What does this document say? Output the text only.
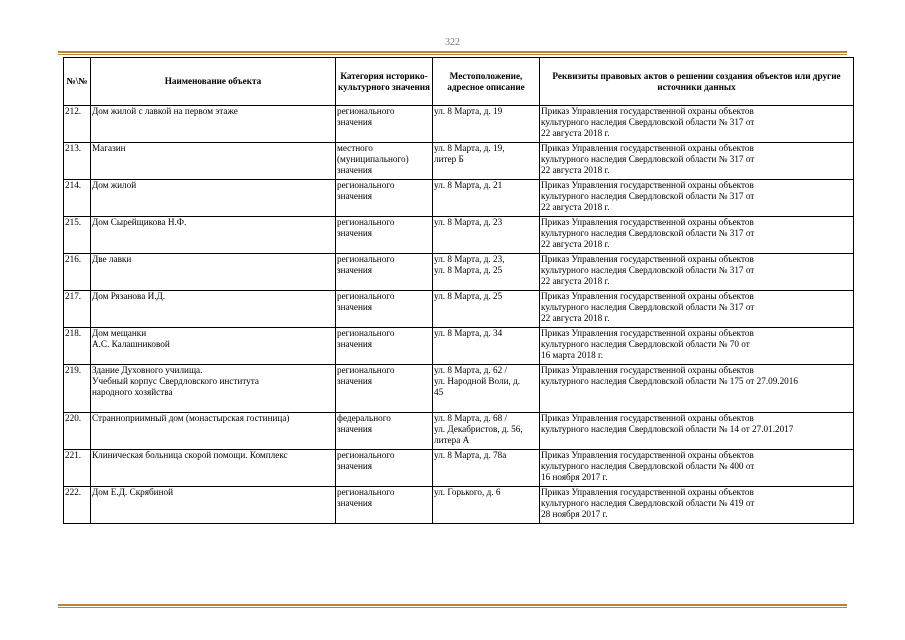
322
№\№	Наименование объекта	Категория историко-культурного значения	Местоположение, адресное описание	Реквизиты правовых актов о решении создания объектов или другие источники данных
212.	Дом жилой с лавкой на первом этаже	регионального
значения	ул. 8 Марта, д. 19	Приказ Управления государственной охраны объектов
культурного наследия Свердловской области № 317 от
22 августа 2018 г.
213.	Магазин	местного
(муниципального)
значения	ул. 8 Марта, д. 19,
литер Б	Приказ Управления государственной охраны объектов
культурного наследия Свердловской области № 317 от
22 августа 2018 г.
214.	Дом жилой	регионального
значения	ул. 8 Марта, д. 21	Приказ Управления государственной охраны объектов
культурного наследия Свердловской области № 317 от
22 августа 2018 г.
215.	Дом Сырейщикова Н.Ф.	регионального
значения	ул. 8 Марта, д. 23	Приказ Управления государственной охраны объектов
культурного наследия Свердловской области № 317 от
22 августа 2018 г.
216.	Две лавки	регионального
значения	ул. 8 Марта, д. 23,
ул. 8 Марта, д. 25	Приказ Управления государственной охраны объектов
культурного наследия Свердловской области № 317 от
22 августа 2018 г.
217.	Дом Рязанова И.Д.	регионального
значения	ул. 8 Марта, д. 25	Приказ Управления государственной охраны объектов
культурного наследия Свердловской области № 317 от
22 августа 2018 г.
218.	Дом мещанки
А.С. Калашниковой	регионального
значения	ул. 8 Марта, д. 34	Приказ Управления государственной охраны объектов
культурного наследия Свердловской области № 70 от
16 марта 2018 г.
219.	Здание Духовного училища.
Учебный корпус Свердловского института
народного хозяйства	регионального
значения	ул. 8 Марта, д. 62 /
ул. Народной Воли, д.
45	Приказ Управления государственной охраны объектов
культурного наследия Свердловской области № 175 от 27.09.2016
220.	Странноприимный дом (монастырская гостиница)	федерального
значения	ул. 8 Марта, д. 68 /
ул. Декабристов, д. 56,
литера А	Приказ Управления государственной охраны объектов
культурного наследия Свердловской области № 14 от 27.01.2017
221.	Клиническая больница скорой помощи. Комплекс	регионального
значения	ул. 8 Марта, д. 78а	Приказ Управления государственной охраны объектов
культурного наследия Свердловской области № 400 от
16 ноября 2017 г.
222.	Дом Е.Д. Скрябиной	регионального
значения	ул. Горького, д. 6	Приказ Управления государственной охраны объектов
культурного наследия Свердловской области № 419 от
28 ноября 2017 г.
